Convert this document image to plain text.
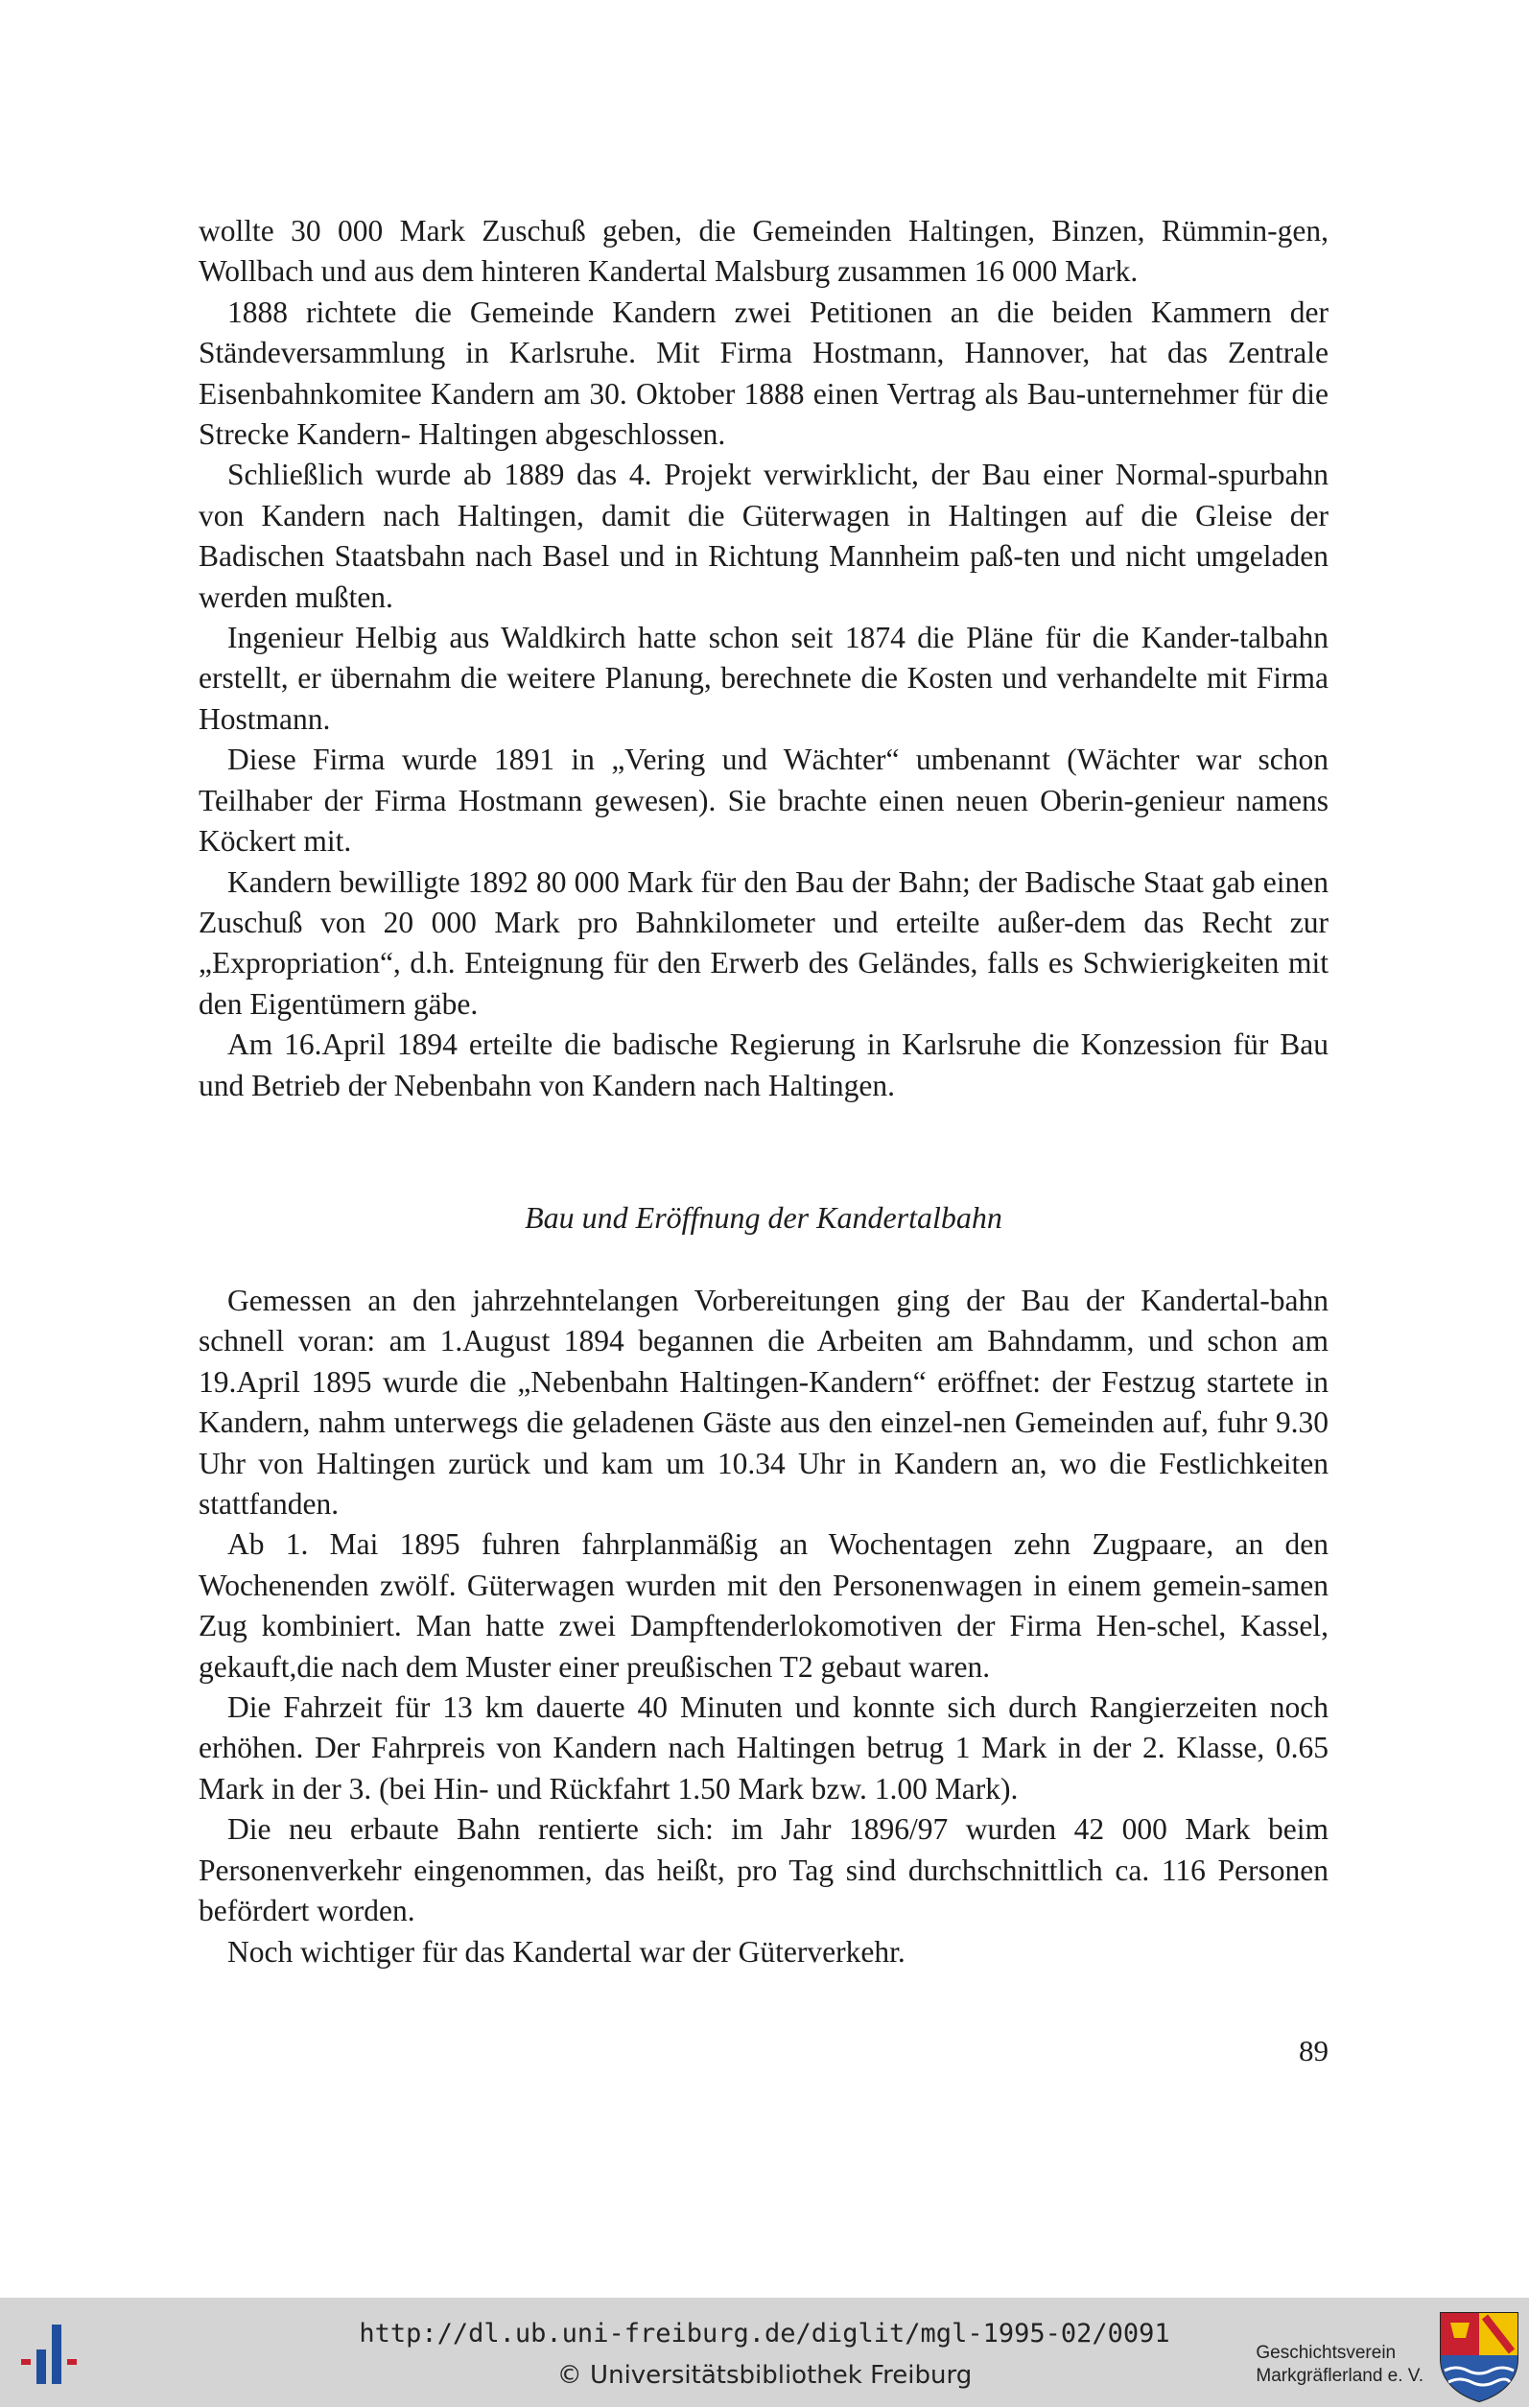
wollte 30 000 Mark Zuschuß geben, die Gemeinden Haltingen, Binzen, Rümmin-gen, Wollbach und aus dem hinteren Kandertal Malsburg zusammen 16 000 Mark.

1888 richtete die Gemeinde Kandern zwei Petitionen an die beiden Kammern der Ständeversammlung in Karlsruhe. Mit Firma Hostmann, Hannover, hat das Zentrale Eisenbahnkomitee Kandern am 30. Oktober 1888 einen Vertrag als Bau-unternehmer für die Strecke Kandern- Haltingen abgeschlossen.

Schließlich wurde ab 1889 das 4. Projekt verwirklicht, der Bau einer Normal-spurbahn von Kandern nach Haltingen, damit die Güterwagen in Haltingen auf die Gleise der Badischen Staatsbahn nach Basel und in Richtung Mannheim paß-ten und nicht umgeladen werden mußten.

Ingenieur Helbig aus Waldkirch hatte schon seit 1874 die Pläne für die Kander-talbahn erstellt, er übernahm die weitere Planung, berechnete die Kosten und verhandelte mit Firma Hostmann.

Diese Firma wurde 1891 in „Vering und Wächter“ umbenannt (Wächter war schon Teilhaber der Firma Hostmann gewesen). Sie brachte einen neuen Oberin-genieur namens Köckert mit.

Kandern bewilligte 1892 80 000 Mark für den Bau der Bahn; der Badische Staat gab einen Zuschuß von 20 000 Mark pro Bahnkilometer und erteilte außer-dem das Recht zur „Expropriation“, d.h. Enteignung für den Erwerb des Geländes, falls es Schwierigkeiten mit den Eigentümern gäbe.

Am 16.April 1894 erteilte die badische Regierung in Karlsruhe die Konzession für Bau und Betrieb der Nebenbahn von Kandern nach Haltingen.

Bau und Eröffnung der Kandertalbahn

Gemessen an den jahrzehntelangen Vorbereitungen ging der Bau der Kandertal-bahn schnell voran: am 1.August 1894 begannen die Arbeiten am Bahndamm, und schon am 19.April 1895 wurde die „Nebenbahn Haltingen-Kandern“ eröffnet: der Festzug startete in Kandern, nahm unterwegs die geladenen Gäste aus den einzel-nen Gemeinden auf, fuhr 9.30 Uhr von Haltingen zurück und kam um 10.34 Uhr in Kandern an, wo die Festlichkeiten stattfanden.

Ab 1. Mai 1895 fuhren fahrplanmäßig an Wochentagen zehn Zugpaare, an den Wochenenden zwölf. Güterwagen wurden mit den Personenwagen in einem gemein-samen Zug kombiniert. Man hatte zwei Dampftenderlokomotiven der Firma Hen-schel, Kassel, gekauft,die nach dem Muster einer preußischen T2 gebaut waren.

Die Fahrzeit für 13 km dauerte 40 Minuten und konnte sich durch Rangierzeiten noch erhöhen. Der Fahrpreis von Kandern nach Haltingen betrug 1 Mark in der 2. Klasse, 0.65 Mark in der 3. (bei Hin- und Rückfahrt 1.50 Mark bzw. 1.00 Mark).

Die neu erbaute Bahn rentierte sich: im Jahr 1896/97 wurden 42 000 Mark beim Personenverkehr eingenommen, das heißt, pro Tag sind durchschnittlich ca. 116 Personen befördert worden.

Noch wichtiger für das Kandertal war der Güterverkehr.

89
http://dl.ub.uni-freiburg.de/diglit/mgl-1995-02/0091
© Universitätsbibliothek Freiburg
Geschichtsverein
Markgräflerland e. V.
